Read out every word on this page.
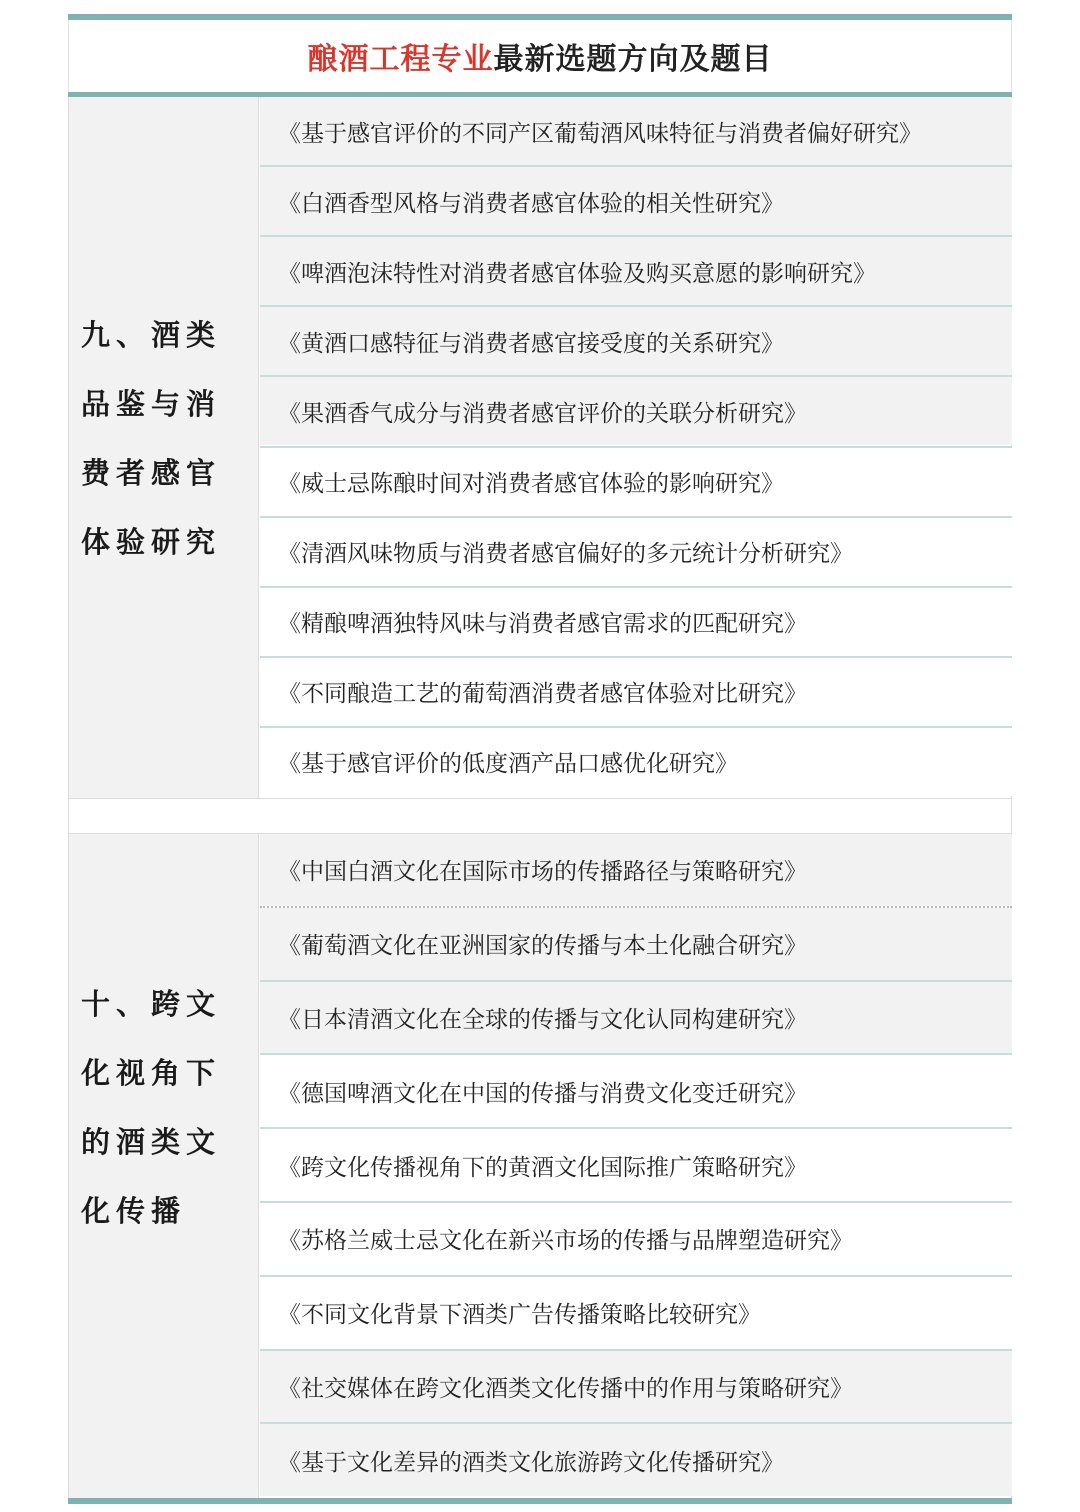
酿酒工程专业 最新选题方向及题目
九、酒类品鉴与消费者感官体验研究
《基于感官评价的不同产区葡萄酒风味特征与消费者偏好研究》
《白酒香型风格与消费者感官体验的相关性研究》
《啤酒泡沫特性对消费者感官体验及购买意愿的影响研究》
《黄酒口感特征与消费者感官接受度的关系研究》
《果酒香气成分与消费者感官评价的关联分析研究》
《威士忌陈酿时间对消费者感官体验的影响研究》
《清酒风味物质与消费者感官偏好的多元统计分析研究》
《精酿啤酒独特风味与消费者感官需求的匹配研究》
《不同酿造工艺的葡萄酒消费者感官体验对比研究》
《基于感官评价的低度酒产品口感优化研究》
十、跨文化视角下的酒类文化传播
《中国白酒文化在国际市场的传播路径与策略研究》
《葡萄酒文化在亚洲国家的传播与本土化融合研究》
《日本清酒文化在全球的传播与文化认同构建研究》
《德国啤酒文化在中国的传播与消费文化变迁研究》
《跨文化传播视角下的黄酒文化国际推广策略研究》
《苏格兰威士忌文化在新兴市场的传播与品牌塑造研究》
《不同文化背景下酒类广告传播策略比较研究》
《社交媒体在跨文化酒类文化传播中的作用与策略研究》
《基于文化差异的酒类文化旅游跨文化传播研究》
